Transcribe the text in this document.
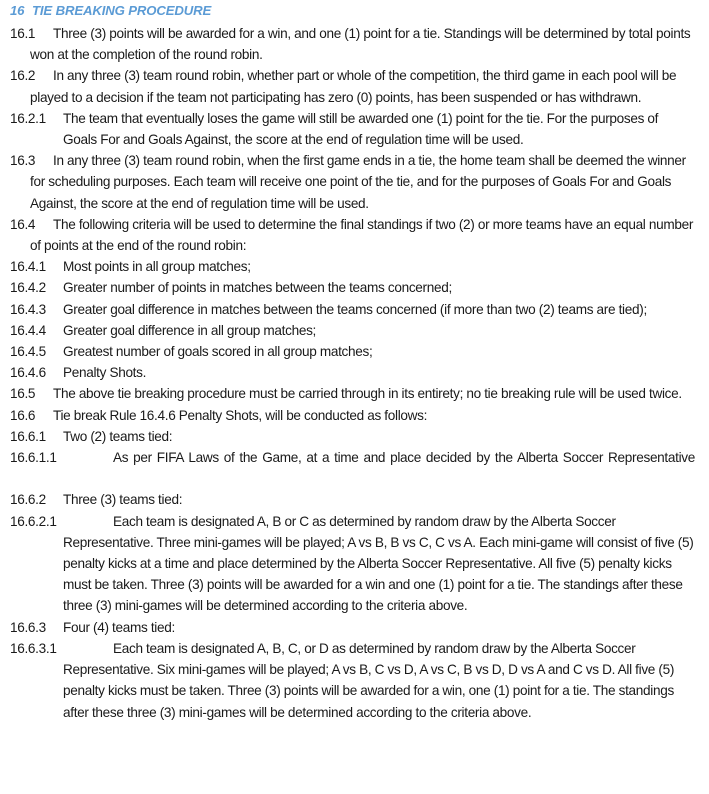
16 TIE BREAKING PROCEDURE
16.1	Three (3) points will be awarded for a win, and one (1) point for a tie. Standings will be determined by total points won at the completion of the round robin.
16.2	In any three (3) team round robin, whether part or whole of the competition, the third game in each pool will be played to a decision if the team not participating has zero (0) points, has been suspended or has withdrawn.
16.2.1 The team that eventually loses the game will still be awarded one (1) point for the tie. For the purposes of Goals For and Goals Against, the score at the end of regulation time will be used.
16.3	In any three (3) team round robin, when the first game ends in a tie, the home team shall be deemed the winner for scheduling purposes. Each team will receive one point of the tie, and for the purposes of Goals For and Goals Against, the score at the end of regulation time will be used.
16.4	The following criteria will be used to determine the final standings if two (2) or more teams have an equal number of points at the end of the round robin:
16.4.1 Most points in all group matches;
16.4.2 Greater number of points in matches between the teams concerned;
16.4.3 Greater goal difference in matches between the teams concerned (if more than two (2) teams are tied);
16.4.4 Greater goal difference in all group matches;
16.4.5 Greatest number of goals scored in all group matches;
16.4.6 Penalty Shots.
16.5	The above tie breaking procedure must be carried through in its entirety; no tie breaking rule will be used twice.
16.6	Tie break Rule 16.4.6 Penalty Shots, will be conducted as follows:
16.6.1 Two (2) teams tied:
16.6.1.1	As per FIFA Laws of the Game, at a time and place decided by the Alberta Soccer Representative
16.6.2 Three (3) teams tied:
16.6.2.1	Each team is designated A, B or C as determined by random draw by the Alberta Soccer Representative. Three mini-games will be played; A vs B, B vs C, C vs A. Each mini-game will consist of five (5) penalty kicks at a time and place determined by the Alberta Soccer Representative. All five (5) penalty kicks must be taken. Three (3) points will be awarded for a win and one (1) point for a tie. The standings after these three (3) mini-games will be determined according to the criteria above.
16.6.3 Four (4) teams tied:
16.6.3.1	Each team is designated A, B, C, or D as determined by random draw by the Alberta Soccer Representative. Six mini-games will be played; A vs B, C vs D, A vs C, B vs D, D vs A and C vs D. All five (5) penalty kicks must be taken. Three (3) points will be awarded for a win, one (1) point for a tie. The standings after these three (3) mini-games will be determined according to the criteria above.
